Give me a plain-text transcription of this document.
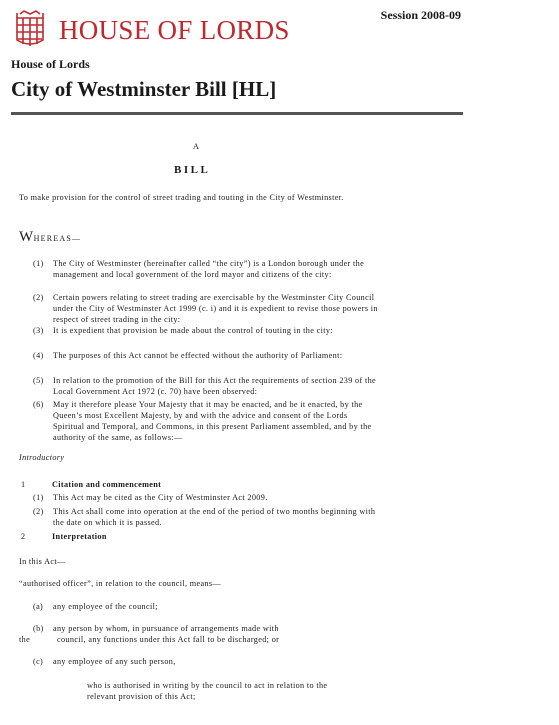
HOUSE OF LORDS	Session 2008-09
House of Lords
City of Westminster Bill [HL]
A
BILL
To make provision for the control of street trading and touting in the City of Westminster.
WHEREAS—
(1) The City of Westminster (hereinafter called “the city”) is a London borough under the management and local government of the lord mayor and citizens of the city:
(2) Certain powers relating to street trading are exercisable by the Westminster City Council under the City of Westminster Act 1999 (c. i) and it is expedient to revise those powers in respect of street trading in the city:
(3) It is expedient that provision be made about the control of touting in the city:
(4) The purposes of this Act cannot be effected without the authority of Parliament:
(5) In relation to the promotion of the Bill for this Act the requirements of section 239 of the Local Government Act 1972 (c. 70) have been observed:
(6) May it therefore please Your Majesty that it may be enacted, and be it enacted, by the Queen’s most Excellent Majesty, by and with the advice and consent of the Lords Spiritual and Temporal, and Commons, in this present Parliament assembled, and by the authority of the same, as follows:—
Introductory
1	Citation and commencement
(1) This Act may be cited as the City of Westminster Act 2009.
(2) This Act shall come into operation at the end of the period of two months beginning with the date on which it is passed.
2	Interpretation
In this Act—
“authorised officer”, in relation to the council, means—
(a) any employee of the council;
(b) any person by whom, in pursuance of arrangements made with
the	council, any functions under this Act fall to be discharged; or
(c) any employee of any such person,
who is authorised in writing by the council to act in relation to the
relevant provision of this Act;
